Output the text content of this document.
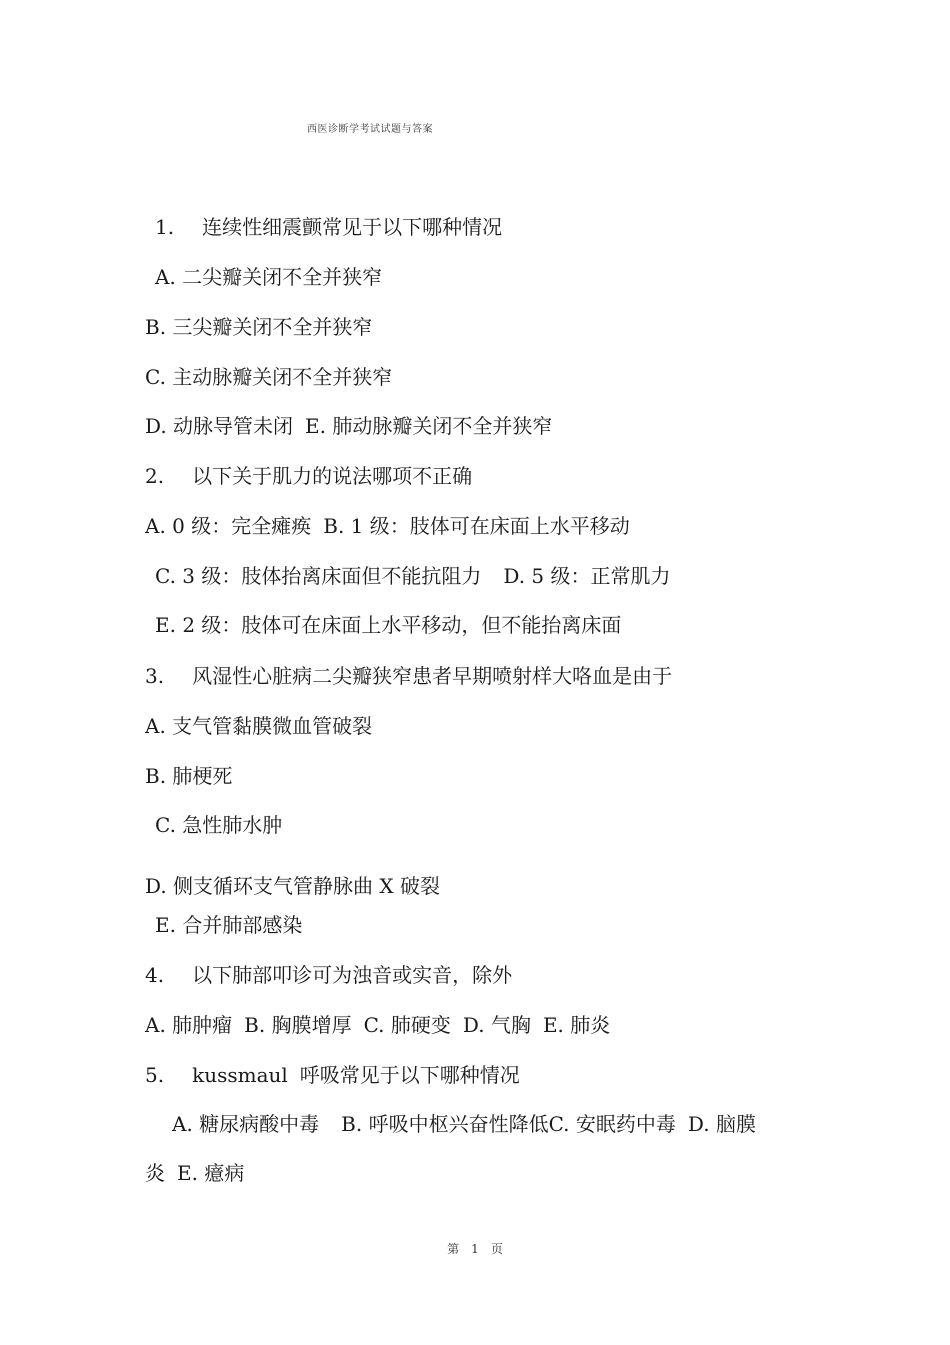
西医诊断学考试试题与答案
1. 连续性细震颤常见于以下哪种情况
A. 二尖瓣关闭不全并狭窄
B. 三尖瓣关闭不全并狭窄
C. 主动脉瓣关闭不全并狭窄
D. 动脉导管未闭 E. 肺动脉瓣关闭不全并狭窄
2. 以下关于肌力的说法哪项不正确
A. 0 级：完全瘫痪 B. 1 级：肢体可在床面上水平移动
C. 3 级：肢体抬离床面但不能抗阻力 D. 5 级：正常肌力
E. 2 级：肢体可在床面上水平移动，但不能抬离床面
3. 风湿性心脏病二尖瓣狭窄患者早期喷射样大咯血是由于
A. 支气管黏膜微血管破裂
B. 肺梗死
C. 急性肺水肿
D. 侧支循环支气管静脉曲 X 破裂
E. 合并肺部感染
4. 以下肺部叩诊可为浊音或实音，除外
A. 肺肿瘤 B. 胸膜增厚 C. 肺硬变 D. 气胸 E. 肺炎
5. kussmaul 呼吸常见于以下哪种情况
A. 糖尿病酸中毒 B. 呼吸中枢兴奋性降低C. 安眠药中毒 D. 脑膜
炎 E. 癔病
第 1 页
